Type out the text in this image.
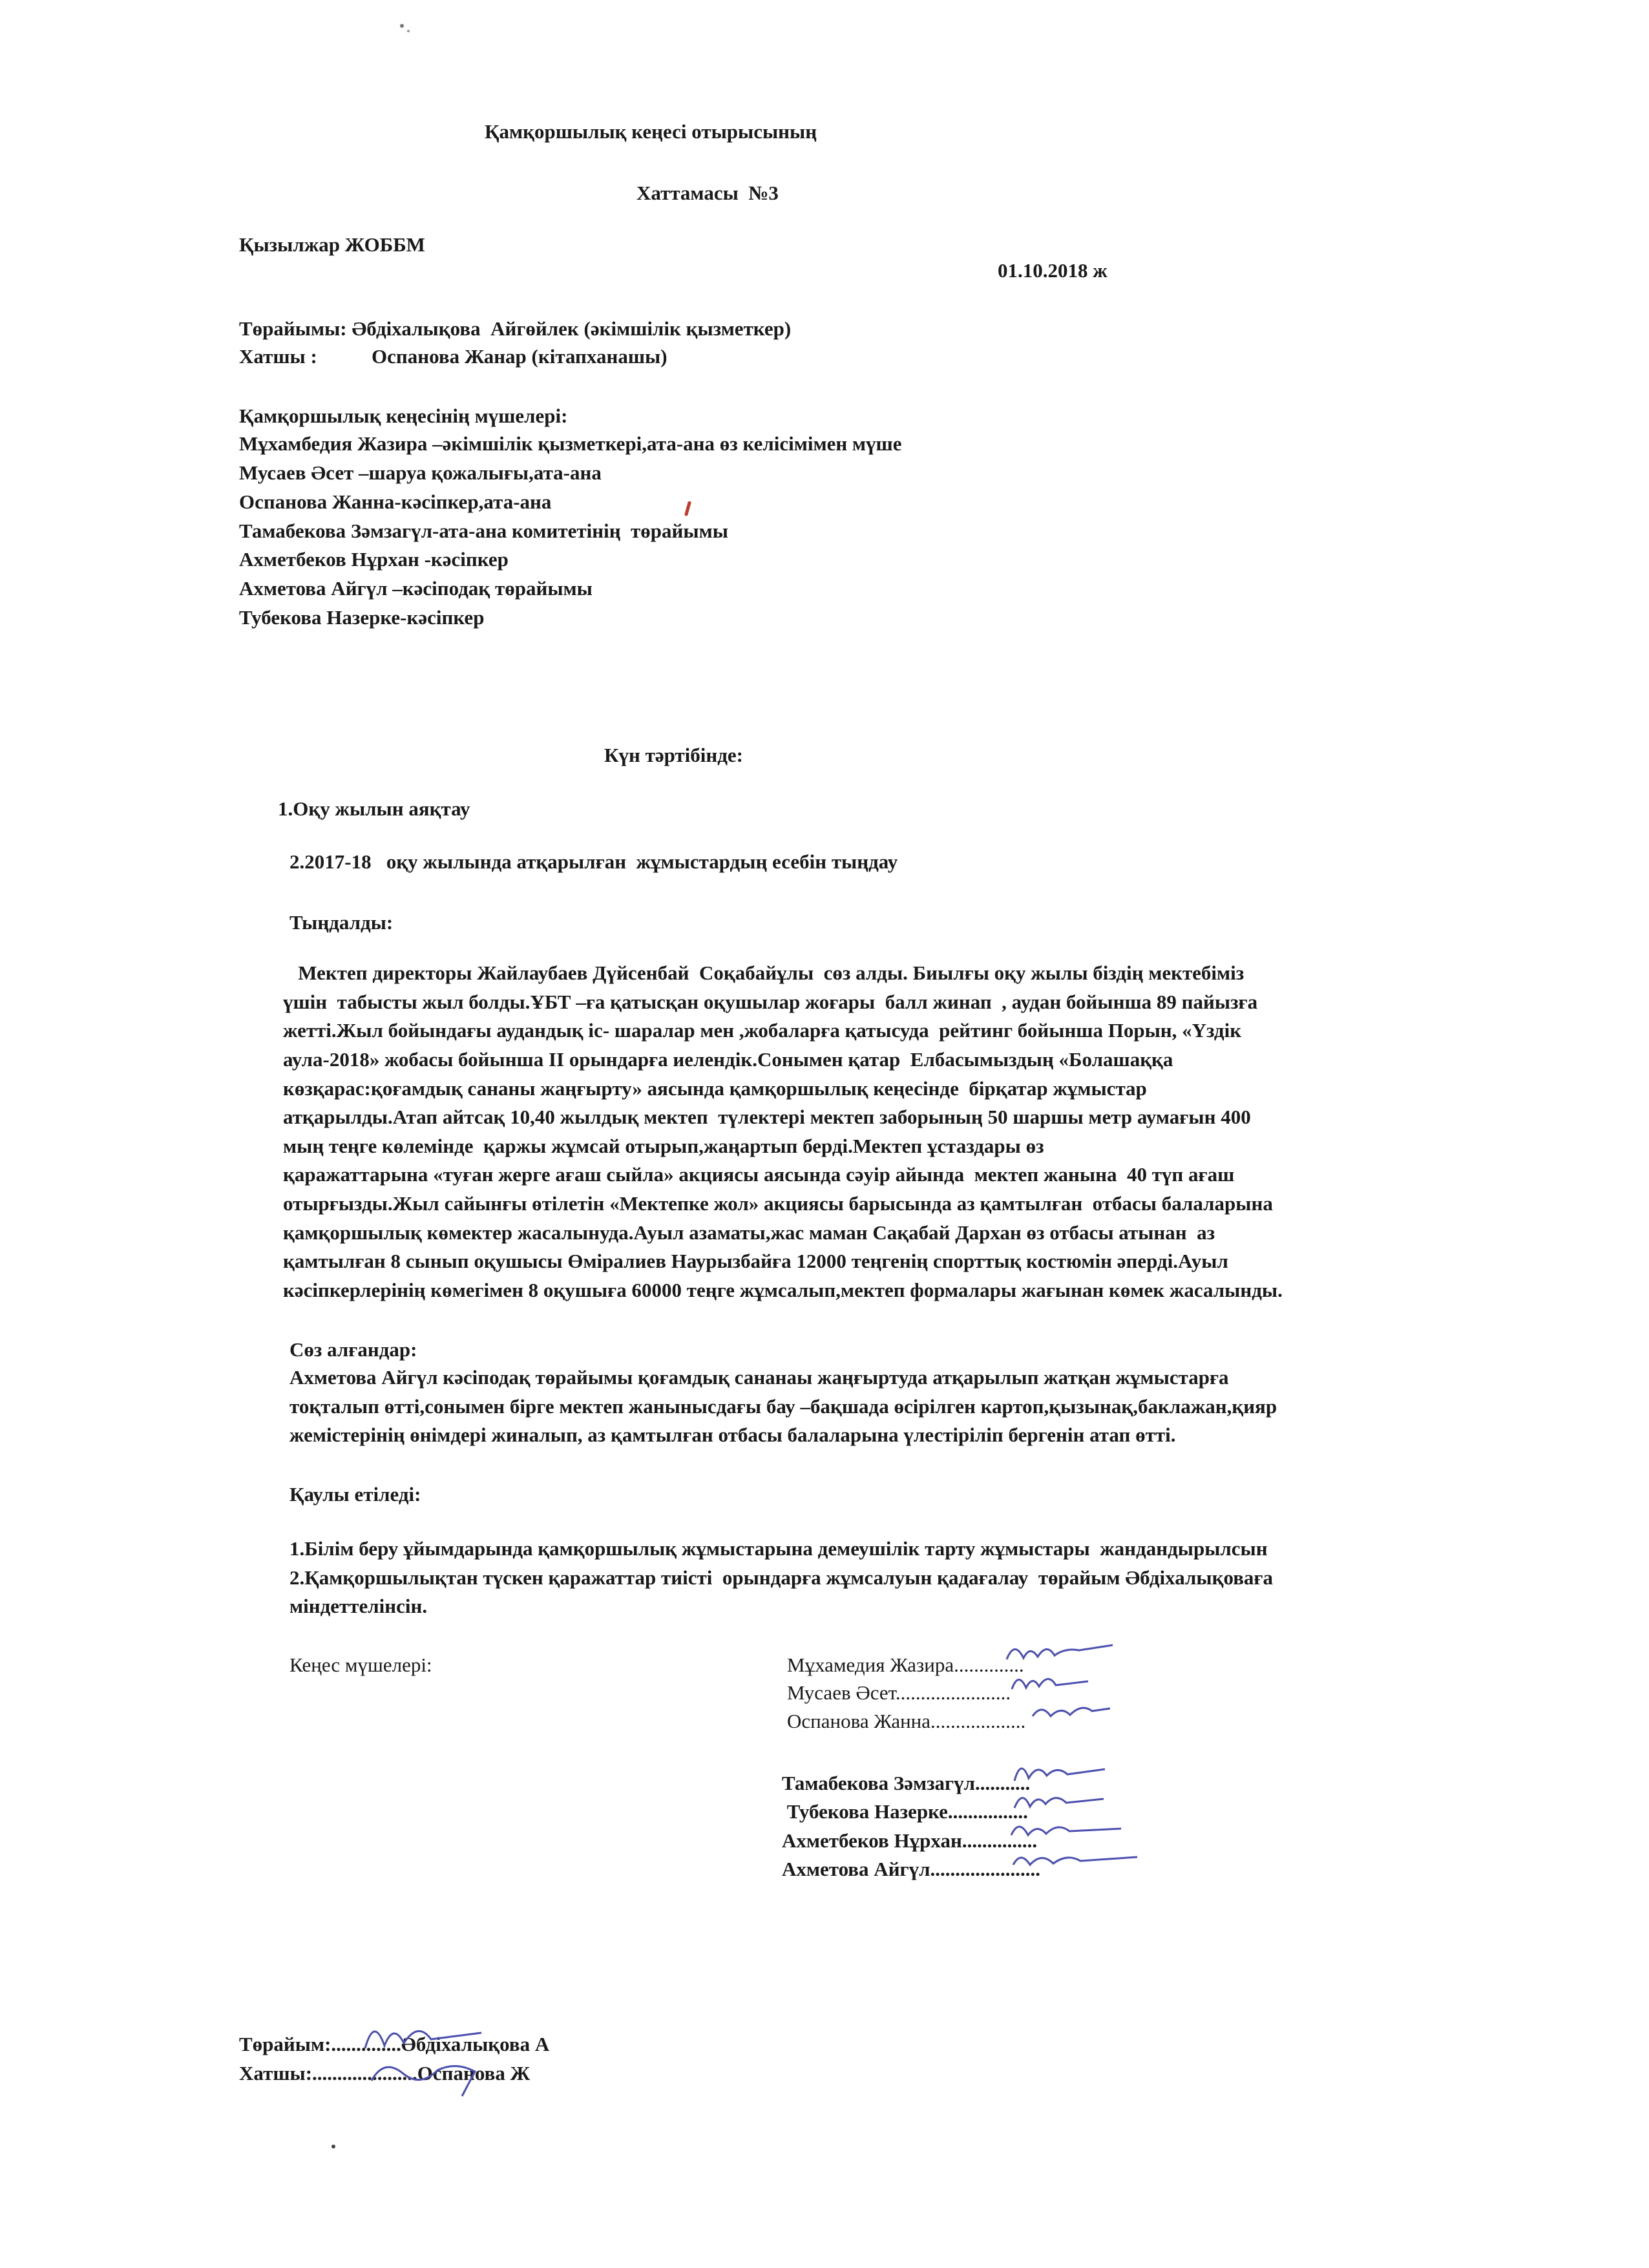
Қамқоршылық кеңесі отырысының
Хаттамасы  №3
Қызылжар ЖОББМ
01.10.2018 ж
Төрайымы: Әбдіхалықова  Айгөйлек (әкімшілік қызметкер)
Хатшы :	Оспанова Жанар (кітапханашы)
Қамқоршылық кеңесінің мүшелері:
Мұхамбедия Жазира –әкімшілік қызметкері,ата-ана өз келісімімен мүше
Мусаев Әсет –шаруа қожалығы,ата-ана
Оспанова Жанна-кәсіпкер,ата-ана
Тамабекова Зәмзагүл-ата-ана комитетінің  төрайымы
Ахметбеков Нұрхан -кәсіпкер
Ахметова Айгүл –кәсіподақ төрайымы
Тубекова Назерке-кәсіпкер
Күн тәртібінде:
1.Оқу жылын аяқтау
2.2017-18   оқу жылында атқарылған  жұмыстардың есебін тыңдау
Тыңдалды:
Мектеп директоры Жайлаубаев Дүйсенбай  Соқабайұлы  сөз алды. Биылғы оқу жылы біздің мектебіміз
үшін  табысты жыл болды.ҰБТ –ға қатысқан оқушылар жоғары  балл жинап  , аудан бойынша 89 пайызға
жетті.Жыл бойындағы аудандық іс- шаралар мен ,жобаларға қатысуда  рейтинг бойынша Порын, «Үздік
аула-2018» жобасы бойынша ІІ орындарға иелендік.Сонымен қатар  Елбасымыздың «Болашаққа
көзқарас:қоғамдық сананы жаңғырту» аясында қамқоршылық кеңесінде  бірқатар жұмыстар
атқарылды.Атап айтсақ 10,40 жылдық мектеп  түлектері мектеп заборының 50 шаршы метр аумағын 400
мың теңге көлемінде  қаржы жұмсай отырып,жаңартып берді.Мектеп ұстаздары өз
қаражаттарына «туған жерге ағаш сыйла» акциясы аясында сәуір айында  мектеп жанына  40 түп ағаш
отырғызды.Жыл сайынғы өтілетін «Мектепке жол» акциясы барысында аз қамтылған  отбасы балаларына
қамқоршылық көмектер жасалынуда.Ауыл азаматы,жас маман Сақабай Дархан өз отбасы атынан  аз
қамтылған 8 сынып оқушысы Өміралиев Наурызбайға 12000 теңгенің спорттық костюмін әперді.Ауыл
кәсіпкерлерінің көмегімен 8 оқушыға 60000 теңге жұмсалып,мектеп формалары жағынан көмек жасалынды.
Сөз алғандар:
Ахметова Айгүл кәсіподақ төрайымы қоғамдық сананаы жаңғыртуда атқарылып жатқан жұмыстарға
тоқталып өтті,сонымен бірге мектеп жанынысдағы бау –бақшада өсірілген картоп,қызынақ,баклажан,қияр
жемістерінің өнімдері жиналып, аз қамтылған отбасы балаларына үлестіріліп бергенін атап өтті.
Қаулы етіледі:
1.Білім беру ұйымдарында қамқоршылық жұмыстарына демеушілік тарту жұмыстары  жандандырылсын
2.Қамқоршылықтан түскен қаражаттар тиісті  орындарға жұмсалуын қадағалау  төрайым Әбдіхалықоваға
міндеттелінсін.
Кеңес мүшелері:	Мұхамедия Жазира..............
Мусаев Әсет.......................
Оспанова Жанна...................
Тамабекова Зәмзагүл...........
Тубекова Назерке................
Ахметбеков Нұрхан...............
Ахметова Айгүл......................
Төрайым:..............Әбдіхалықова А
Хатшы:.....................Оспанова Ж
